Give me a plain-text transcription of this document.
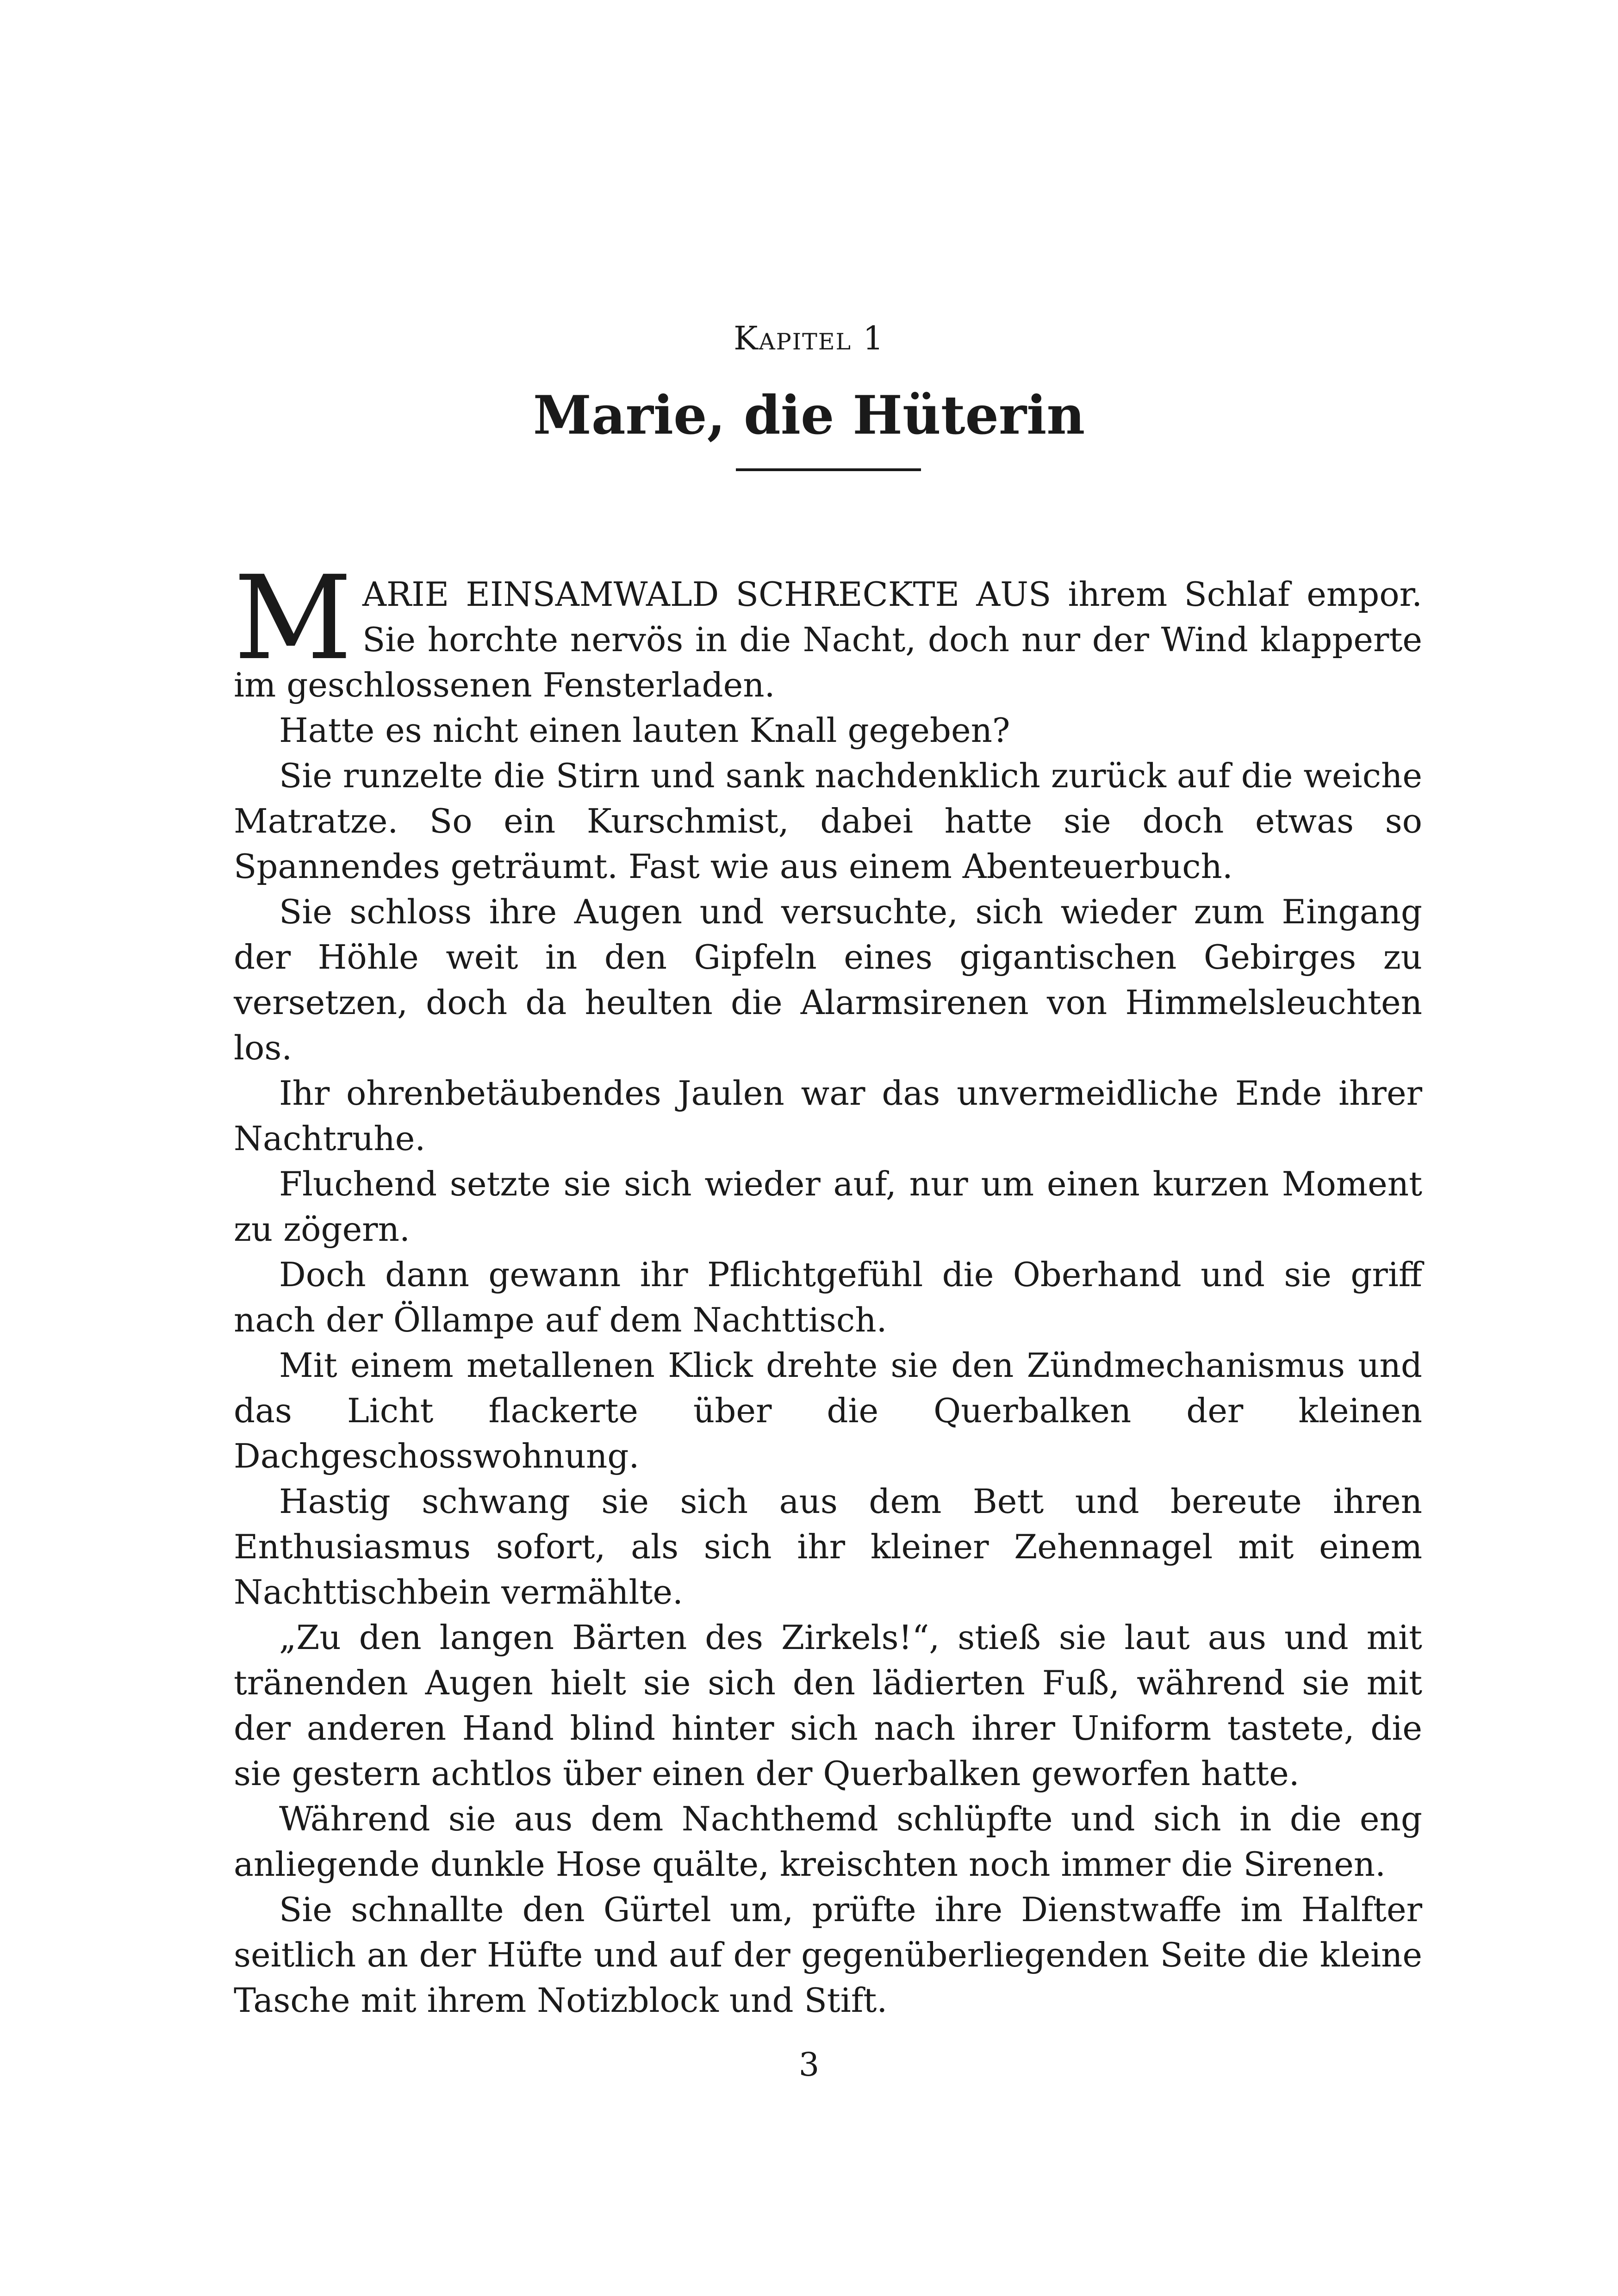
Kapitel 1
Marie, die Hüterin

MARIE EINSAMWALD SCHRECKTE AUS ihrem Schlaf empor. Sie horchte nervös in die Nacht, doch nur der Wind klapperte im geschlossenen Fensterladen.

Hatte es nicht einen lauten Knall gegeben?

Sie runzelte die Stirn und sank nachdenklich zurück auf die weiche Matratze. So ein Kurschmist, dabei hatte sie doch etwas so Spannendes geträumt. Fast wie aus einem Abenteuerbuch.

Sie schloss ihre Augen und versuchte, sich wieder zum Eingang der Höhle weit in den Gipfeln eines gigantischen Gebirges zu versetzen, doch da heulten die Alarmsirenen von Himmelsleuchten los.

Ihr ohrenbetäubendes Jaulen war das unvermeidliche Ende ihrer Nachtruhe.

Fluchend setzte sie sich wieder auf, nur um einen kurzen Moment zu zögern.

Doch dann gewann ihr Pflichtgefühl die Oberhand und sie griff nach der Öllampe auf dem Nachttisch.

Mit einem metallenen Klick drehte sie den Zündmechanismus und das Licht flackerte über die Querbalken der kleinen Dachgeschosswohnung.

Hastig schwang sie sich aus dem Bett und bereute ihren Enthusiasmus sofort, als sich ihr kleiner Zehennagel mit einem Nachttischbein vermählte.

„Zu den langen Bärten des Zirkels!“, stieß sie laut aus und mit tränenden Augen hielt sie sich den lädierten Fuß, während sie mit der anderen Hand blind hinter sich nach ihrer Uniform tastete, die sie gestern achtlos über einen der Querbalken geworfen hatte.

Während sie aus dem Nachthemd schlüpfte und sich in die eng anliegende dunkle Hose quälte, kreischten noch immer die Sirenen.

Sie schnallte den Gürtel um, prüfte ihre Dienstwaffe im Halfter seitlich an der Hüfte und auf der gegenüberliegenden Seite die kleine Tasche mit ihrem Notizblock und Stift.

3
